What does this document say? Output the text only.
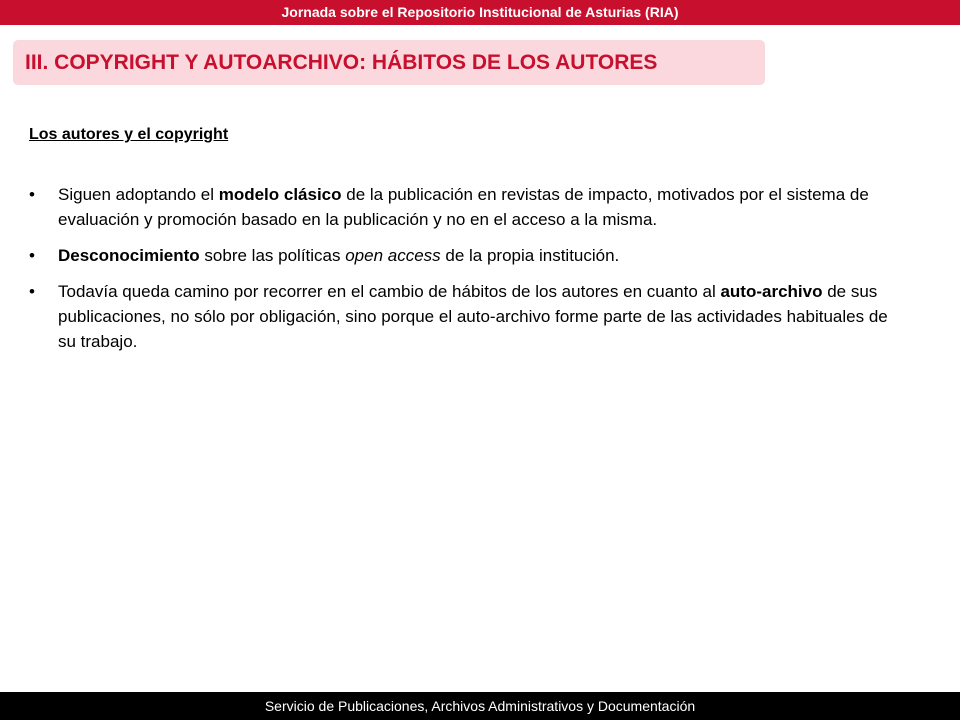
Jornada sobre el Repositorio Institucional de Asturias (RIA)
III. COPYRIGHT Y AUTOARCHIVO: HÁBITOS DE LOS AUTORES
Los autores y el copyright
• Siguen adoptando el modelo clásico de la publicación en revistas de impacto, motivados por el sistema de evaluación y promoción basado en la publicación y no en el acceso a la misma.
• Desconocimiento sobre las políticas open access de la propia institución.
• Todavía queda camino por recorrer en el cambio de hábitos de los autores en cuanto al auto-archivo de sus publicaciones, no sólo por obligación, sino porque el auto-archivo forme parte de las actividades habituales de su trabajo.
Servicio de Publicaciones, Archivos Administrativos y Documentación
